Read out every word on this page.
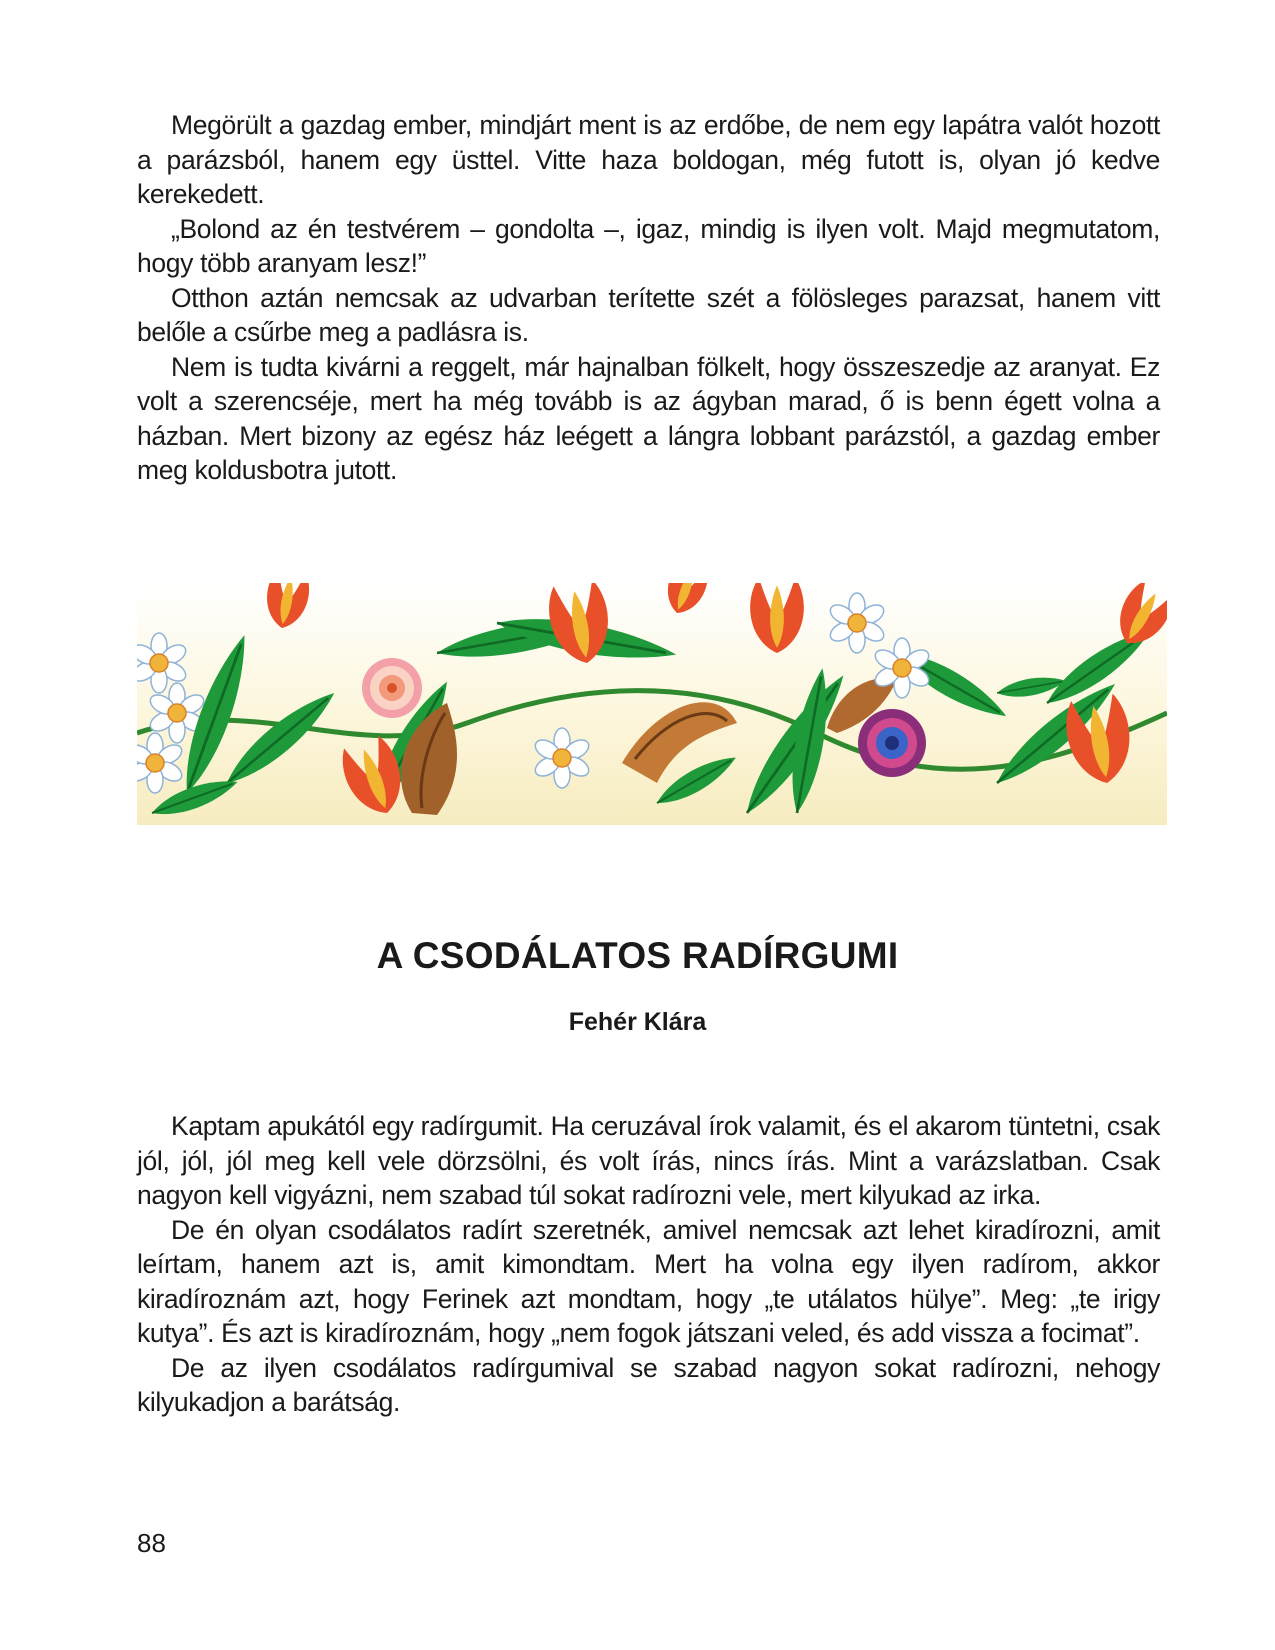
Megörült a gazdag ember, mindjárt ment is az erdőbe, de nem egy lapátra valót hozott a parázsból, hanem egy üsttel. Vitte haza boldogan, még futott is, olyan jó kedve kerekedett.

„Bolond az én testvérem – gondolta –, igaz, mindig is ilyen volt. Majd megmutatom, hogy több aranyam lesz!”

Otthon aztán nemcsak az udvarban terítette szét a fölösleges parazsat, hanem vitt belőle a csűrbe meg a padlásra is.

Nem is tudta kivárni a reggelt, már hajnalban fölkelt, hogy összeszedje az aranyat. Ez volt a szerencséje, mert ha még tovább is az ágyban marad, ő is benn égett volna a házban. Mert bizony az egész ház leégett a lángra lobbant parázstól, a gazdag ember meg koldusbotra jutott.

A CSODÁLATOS RADÍRGUMI

Fehér Klára

Kaptam apukától egy radírgumit. Ha ceruzával írok valamit, és el akarom tüntetni, csak jól, jól, jól meg kell vele dörzsölni, és volt írás, nincs írás. Mint a varázslatban. Csak nagyon kell vigyázni, nem szabad túl sokat radírozni vele, mert kilyukad az irka.

De én olyan csodálatos radírt szeretnék, amivel nemcsak azt lehet kiradírozni, amit leírtam, hanem azt is, amit kimondtam. Mert ha volna egy ilyen radírom, akkor kiradíroznám azt, hogy Ferinek azt mondtam, hogy „te utálatos hülye”. Meg: „te irigy kutya”. És azt is kiradíroznám, hogy „nem fogok játszani veled, és add vissza a focimat”.

De az ilyen csodálatos radírgumival se szabad nagyon sokat radírozni, nehogy kilyukadjon a barátság.

88
